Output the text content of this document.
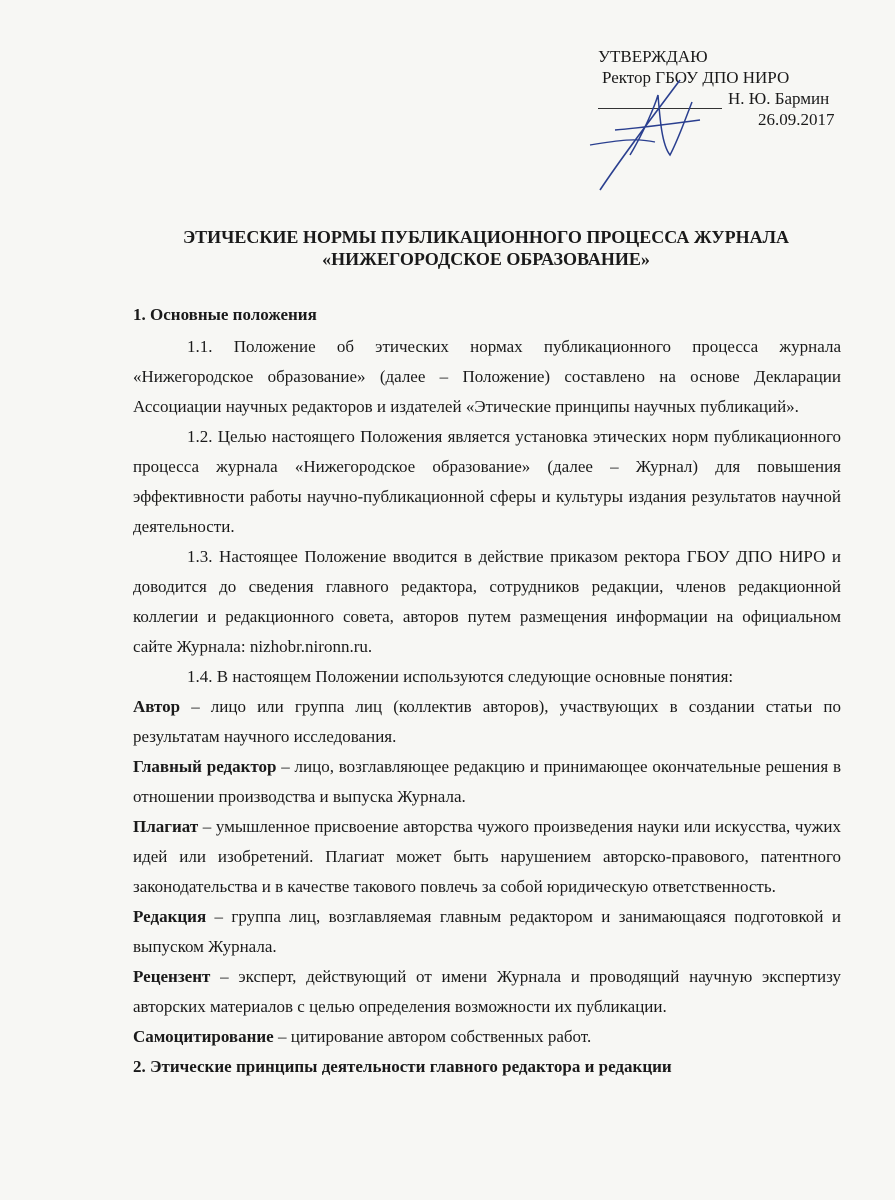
УТВЕРЖДАЮ
Ректор ГБОУ ДПО НИРО
Н. Ю. Бармин
26.09.2017
ЭТИЧЕСКИЕ НОРМЫ ПУБЛИКАЦИОННОГО ПРОЦЕССА ЖУРНАЛА
«НИЖЕГОРОДСКОЕ ОБРАЗОВАНИЕ»

1. Основные положения

1.1. Положение об этических нормах публикационного процесса журнала «Нижегородское образование» (далее – Положение) составлено на основе Декларации Ассоциации научных редакторов и издателей «Этические принципы научных публикаций».

1.2. Целью настоящего Положения является установка этических норм публикационного процесса журнала «Нижегородское образование» (далее – Журнал) для повышения эффективности работы научно-публикационной сферы и культуры издания результатов научной деятельности.

1.3. Настоящее Положение вводится в действие приказом ректора ГБОУ ДПО НИРО и доводится до сведения главного редактора, сотрудников редакции, членов редакционной коллегии и редакционного совета, авторов путем размещения информации на официальном сайте Журнала: nizhobr.nironn.ru.

1.4. В настоящем Положении используются следующие основные понятия:

Автор – лицо или группа лиц (коллектив авторов), участвующих в создании статьи по результатам научного исследования.

Главный редактор – лицо, возглавляющее редакцию и принимающее окончательные решения в отношении производства и выпуска Журнала.

Плагиат – умышленное присвоение авторства чужого произведения науки или искусства, чужих идей или изобретений. Плагиат может быть нарушением авторско-правового, патентного законодательства и в качестве такового повлечь за собой юридическую ответственность.

Редакция – группа лиц, возглавляемая главным редактором и занимающаяся подготовкой и выпуском Журнала.

Рецензент – эксперт, действующий от имени Журнала и проводящий научную экспертизу авторских материалов с целью определения возможности их публикации.

Самоцитирование – цитирование автором собственных работ.

2. Этические принципы деятельности главного редактора и редакции
